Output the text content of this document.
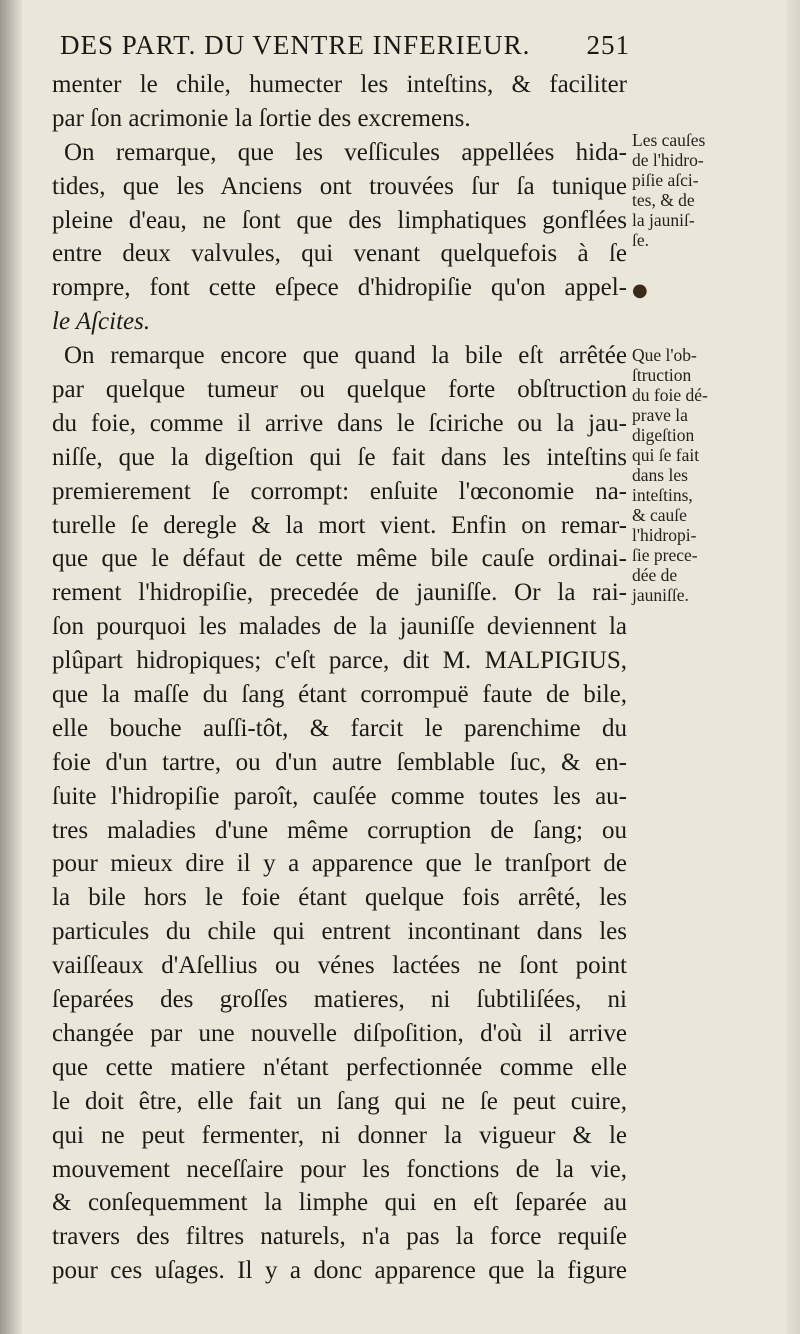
DES PART. DU VENTRE INFERIEUR. 251
menter le chile, humecter les inteſtins, & faciliter
par ſon acrimonie la ſortie des excremens.
On remarque, que les veſſicules appellées hida-
tides, que les Anciens ont trouvées ſur ſa tunique
pleine d'eau, ne ſont que des limphatiques gonflées
entre deux valvules, qui venant quelquefois à ſe
rompre, font cette eſpece d'hidropiſie qu'on appel-
le Aſcites.
On remarque encore que quand la bile eſt arrêtée
par quelque tumeur ou quelque forte obſtruction
du foie, comme il arrive dans le ſciriche ou la jau-
niſſe, que la digeſtion qui ſe fait dans les inteſtins
premierement ſe corrompt: enſuite l'œconomie na-
turelle ſe deregle & la mort vient. Enfin on remar-
que que le défaut de cette même bile cauſe ordinai-
rement l'hidropiſie, precedée de jauniſſe. Or la rai-
ſon pourquoi les malades de la jauniſſe deviennent la
plûpart hidropiques; c'eſt parce, dit M. MALPIGIUS,
que la maſſe du ſang étant corrompuë faute de bile,
elle bouche auſſi-tôt, & farcit le parenchime du
foie d'un tartre, ou d'un autre ſemblable ſuc, & en-
ſuite l'hidropiſie paroît, cauſée comme toutes les au-
tres maladies d'une même corruption de ſang; ou
pour mieux dire il y a apparence que le tranſport de
la bile hors le foie étant quelque fois arrêté, les
particules du chile qui entrent incontinant dans les
vaiſſeaux d'Aſellius ou vénes lactées ne ſont point
ſeparées des groſſes matieres, ni ſubtiliſées, ni
changée par une nouvelle diſpoſition, d'où il arrive
que cette matiere n'étant perfectionnée comme elle
le doit être, elle fait un ſang qui ne ſe peut cuire,
qui ne peut fermenter, ni donner la vigueur & le
mouvement neceſſaire pour les fonctions de la vie,
& conſequemment la limphe qui en eſt ſeparée au
travers des filtres naturels, n'a pas la force requiſe
pour ces uſages. Il y a donc apparence que la figure
Les cauſes
de l'hidro-
piſie aſci-
tes, & de
la jauniſ-
ſe.
●
Que l'ob-
ſtruction
du foie dé-
prave la
digeſtion
qui ſe fait
dans les
inteſtins,
& cauſe
l'hidropi-
ſie prece-
dée de
jauniſſe.
